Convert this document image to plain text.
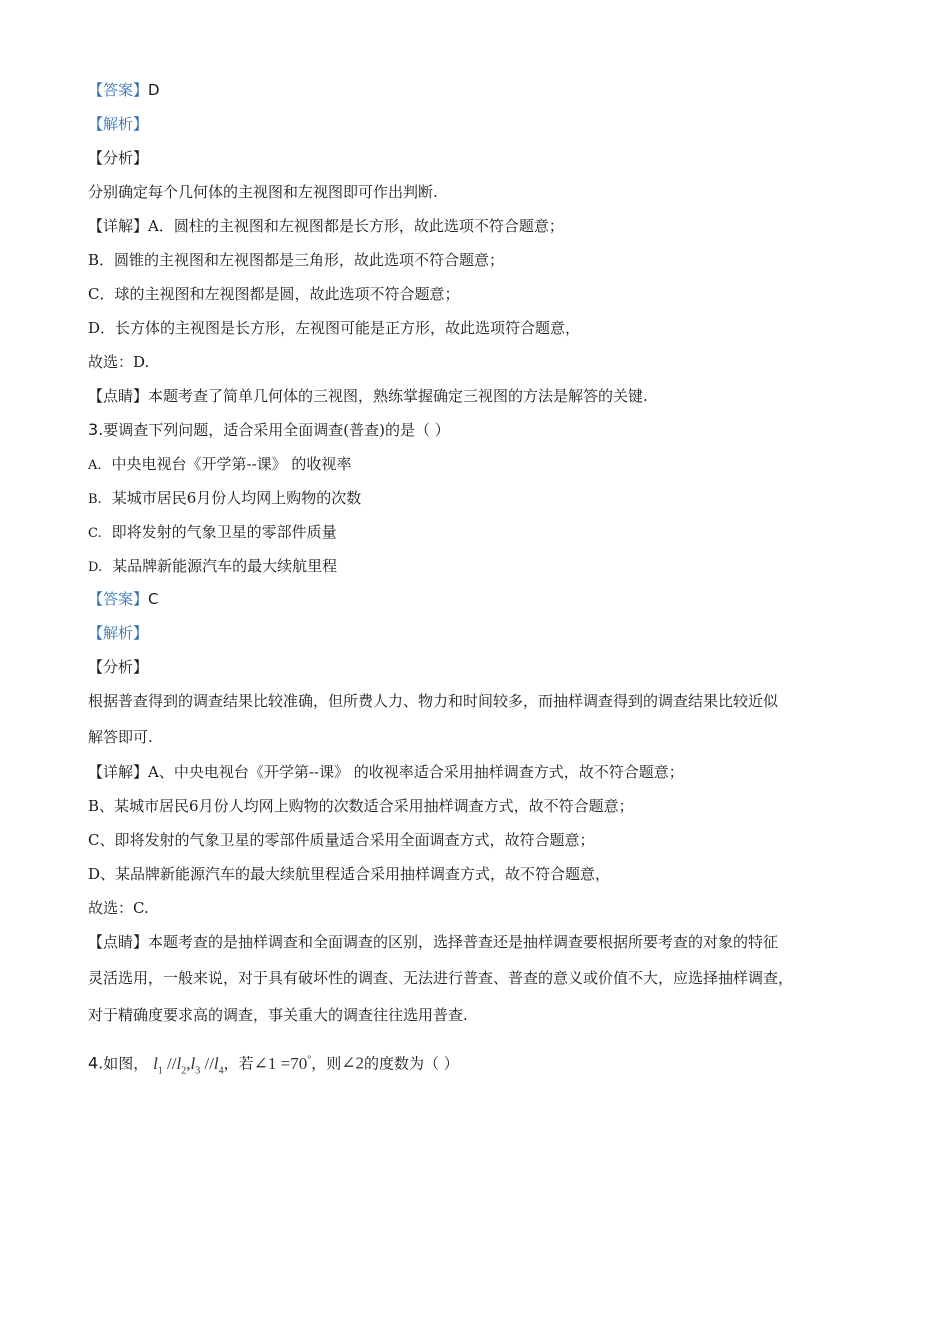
【答案】D
【解析】
【分析】
分别确定每个几何体的主视图和左视图即可作出判断.
【详解】A．圆柱的主视图和左视图都是长方形，故此选项不符合题意；
B．圆锥的主视图和左视图都是三角形，故此选项不符合题意；
C．球的主视图和左视图都是圆，故此选项不符合题意；
D．长方体的主视图是长方形，左视图可能是正方形，故此选项符合题意，
故选：D.
【点睛】本题考查了简单几何体的三视图，熟练掌握确定三视图的方法是解答的关键.
3.要调查下列问题，适合采用全面调查(普查)的是（ ）
A. 中央电视台《开学第--课》 的收视率
B. 某城市居民6月份人均网上购物的次数
C. 即将发射的气象卫星的零部件质量
D. 某品牌新能源汽车的最大续航里程
【答案】C
【解析】
【分析】
根据普查得到的调查结果比较准确，但所费人力、物力和时间较多，而抽样调查得到的调查结果比较近似
解答即可.
【详解】A、中央电视台《开学第--课》 的收视率适合采用抽样调查方式，故不符合题意；
B、某城市居民6月份人均网上购物的次数适合采用抽样调查方式，故不符合题意；
C、即将发射的气象卫星的零部件质量适合采用全面调查方式，故符合题意；
D、某品牌新能源汽车的最大续航里程适合采用抽样调查方式，故不符合题意，
故选：C.
【点睛】本题考查的是抽样调查和全面调查的区别，选择普查还是抽样调查要根据所要考查的对象的特征
灵活选用，一般来说，对于具有破坏性的调查、无法进行普查、普查的意义或价值不大，应选择抽样调查，
对于精确度要求高的调查，事关重大的调查往往选用普查.
4.如图， $l_1$ $//l_2,l_3$ $//l_4$，若∠1 =70°，则∠2的度数为（ ）
